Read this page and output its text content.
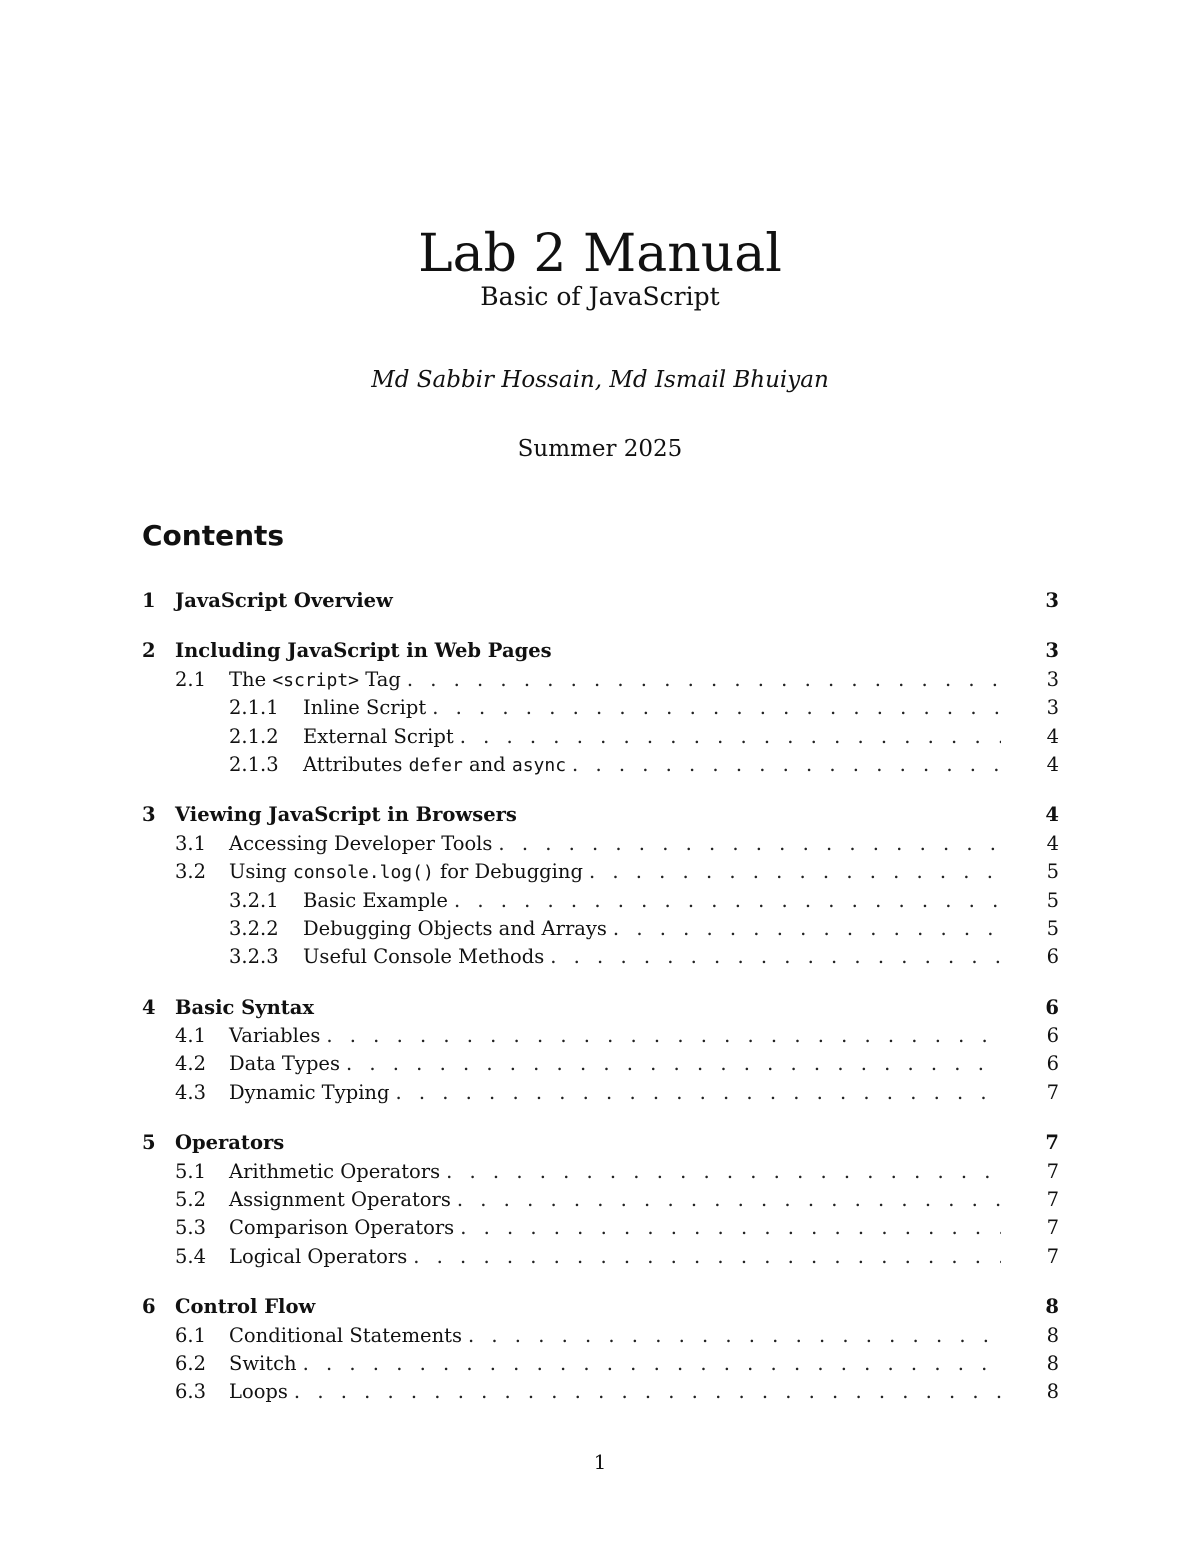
Lab 2 Manual
Basic of JavaScript
Md Sabbir Hossain, Md Ismail Bhuiyan
Summer 2025
Contents
1 JavaScript Overview	3
2 Including JavaScript in Web Pages	3
2.1	The <script> Tag . . .	3
2.1.1	Inline Script . . .	3
2.1.2	External Script . . .	4
2.1.3	Attributes defer and async . . .	4
3 Viewing JavaScript in Browsers	4
3.1	Accessing Developer Tools . . .	4
3.2	Using console.log() for Debugging . . .	5
3.2.1	Basic Example . . .	5
3.2.2	Debugging Objects and Arrays . . .	5
3.2.3	Useful Console Methods . . .	6
4 Basic Syntax	6
4.1	Variables . . .	6
4.2	Data Types . . .	6
4.3	Dynamic Typing . . .	7
5 Operators	7
5.1	Arithmetic Operators . . .	7
5.2	Assignment Operators . . .	7
5.3	Comparison Operators . . .	7
5.4	Logical Operators . . .	7
6 Control Flow	8
6.1	Conditional Statements . . .	8
6.2	Switch . . .	8
6.3	Loops . . .	8
1
